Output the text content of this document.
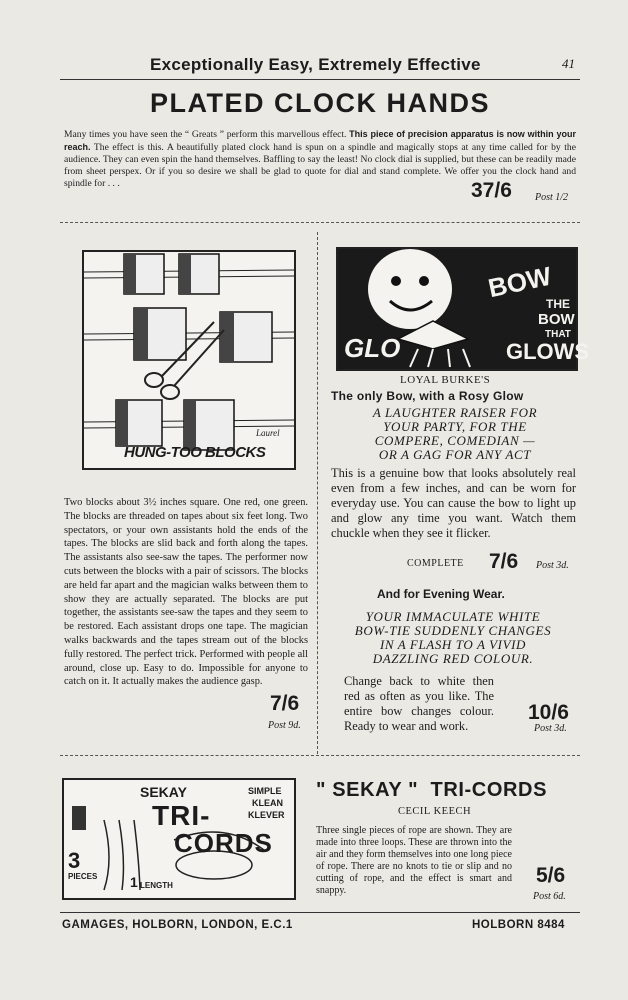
Exceptionally Easy, Extremely Effective	41
PLATED CLOCK HANDS
Many times you have seen the “ Greats ” perform this marvellous effect. This piece of precision apparatus is now within your reach. The effect is this. A beautifully plated clock hand is spun on a spindle and magically stops at any time called for by the audience. They can even spin the hand themselves. Baffling to say the least! No clock dial is supplied, but these can be readily made from sheet perspex. Or if you so desire we shall be glad to quote for dial and stand complete. We offer you the clock hand and spindle for . . .	37/6 Post 1/2
HUNG-TOO BLOCKS
Laurel
Two blocks about 3½ inches square. One red, one green. The blocks are threaded on tapes about six feet long. Two spectators, or your own assistants hold the ends of the tapes. The blocks are slid back and forth along the tapes. The assistants also see-saw the tapes. The performer now cuts between the blocks with a pair of scissors. The blocks are held far apart and the magician walks between them to show they are actually separated. The blocks are put together, the assistants see-saw the tapes and they seem to be restored. Each assistant drops one tape. The magician walks backwards and the tapes stream out of the blocks fully restored. The perfect trick. Performed with people all around, close up. Easy to do. Impossible for anyone to catch on it. It actually makes the audience gasp.
7/6
Post 9d.
GLO
BOW
THE
BOW
THAT
GLOWS
LOYAL BURKE'S
The only Bow, with a Rosy Glow
A LAUGHTER RAISER FOR
YOUR PARTY, FOR THE
COMPERE, COMEDIAN —
OR A GAG FOR ANY ACT
This is a genuine bow that looks absolutely real even from a few inches, and can be worn for everyday use. You can cause the bow to light up and glow any time you want. Watch them chuckle when they see it flicker.
COMPLETE 7/6 Post 3d.
And for Evening Wear.
YOUR IMMACULATE WHITE
BOW-TIE SUDDENLY CHANGES
IN A FLASH TO A VIVID
DAZZLING RED COLOUR.
Change back to white then red as often as you like. The entire bow changes colour. Ready to wear and work.
10/6
Post 3d.
SEKAY
TRI-
CORDS
SIMPLE
KLEAN
KLEVER
3
PIECES 1 LENGTH
" SEKAY "  TRI-CORDS
CECIL KEECH
Three single pieces of rope are shown. They are made into three loops. These are thrown into the air and they form themselves into one long piece of rope. There are no knots to tie or slip and no cutting of rope, and the effect is smart and snappy.
5/6
Post 6d.
GAMAGES, HOLBORN, LONDON, E.C.1	HOLBORN 8484
